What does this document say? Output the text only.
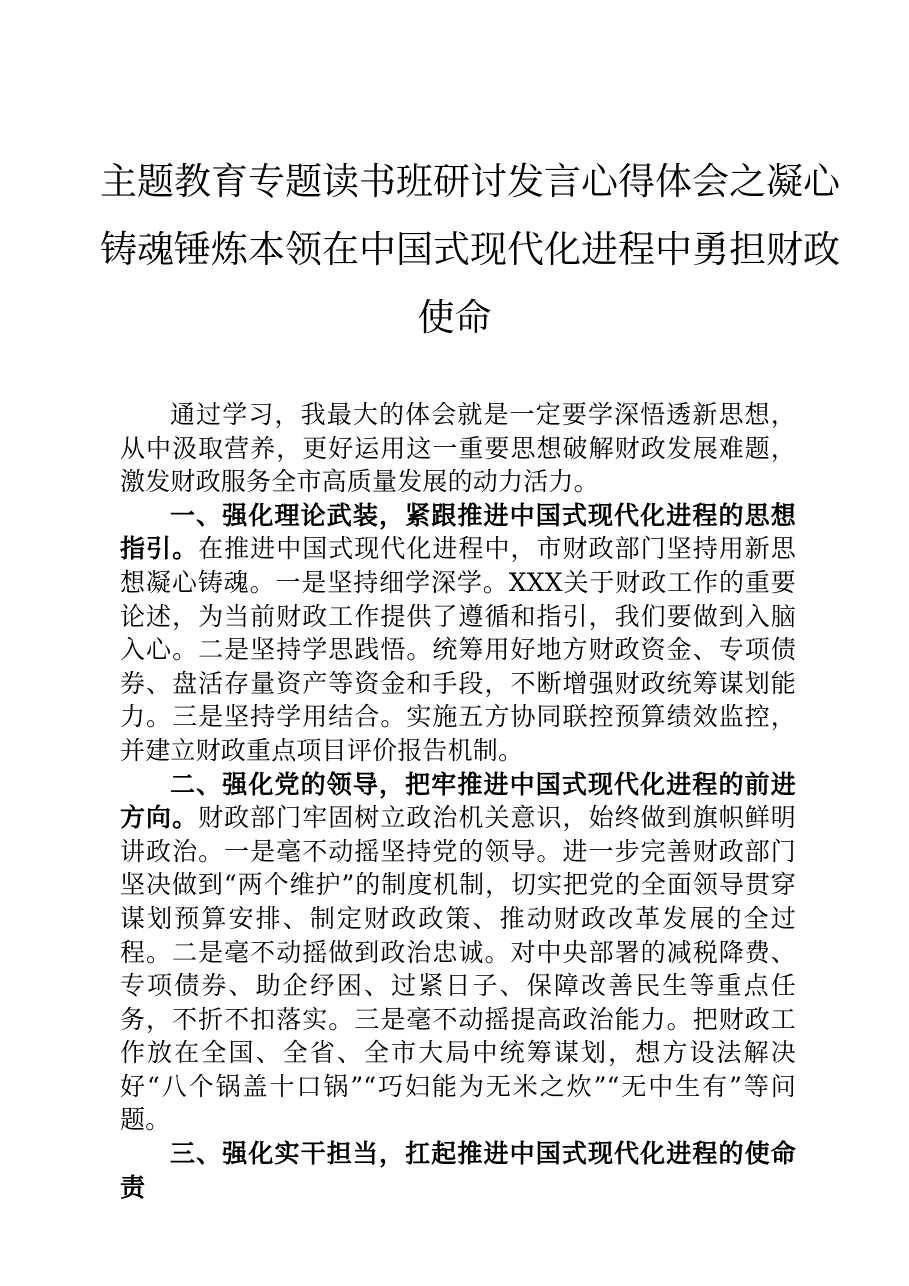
主题教育专题读书班研讨发言心得体会之凝心
铸魂锤炼本领在中国式现代化进程中勇担财政
使命

通过学习，我最大的体会就是一定要学深悟透新思想，从中汲取营养，更好运用这一重要思想破解财政发展难题，激发财政服务全市高质量发展的动力活力。

一、强化理论武装，紧跟推进中国式现代化进程的思想指引。在推进中国式现代化进程中，市财政部门坚持用新思想凝心铸魂。一是坚持细学深学。XXX关于财政工作的重要论述，为当前财政工作提供了遵循和指引，我们要做到入脑入心。二是坚持学思践悟。统筹用好地方财政资金、专项债券、盘活存量资产等资金和手段，不断增强财政统筹谋划能力。三是坚持学用结合。实施五方协同联控预算绩效监控，并建立财政重点项目评价报告机制。

二、强化党的领导，把牢推进中国式现代化进程的前进方向。财政部门牢固树立政治机关意识，始终做到旗帜鲜明讲政治。一是毫不动摇坚持党的领导。进一步完善财政部门坚决做到“两个维护”的制度机制，切实把党的全面领导贯穿谋划预算安排、制定财政政策、推动财政改革发展的全过程。二是毫不动摇做到政治忠诚。对中央部署的减税降费、专项债券、助企纾困、过紧日子、保障改善民生等重点任务，不折不扣落实。三是毫不动摇提高政治能力。把财政工作放在全国、全省、全市大局中统筹谋划，想方设法解决好“八个锅盖十口锅”“巧妇能为无米之炊”“无中生有”等问题。

三、强化实干担当，扛起推进中国式现代化进程的使命责
